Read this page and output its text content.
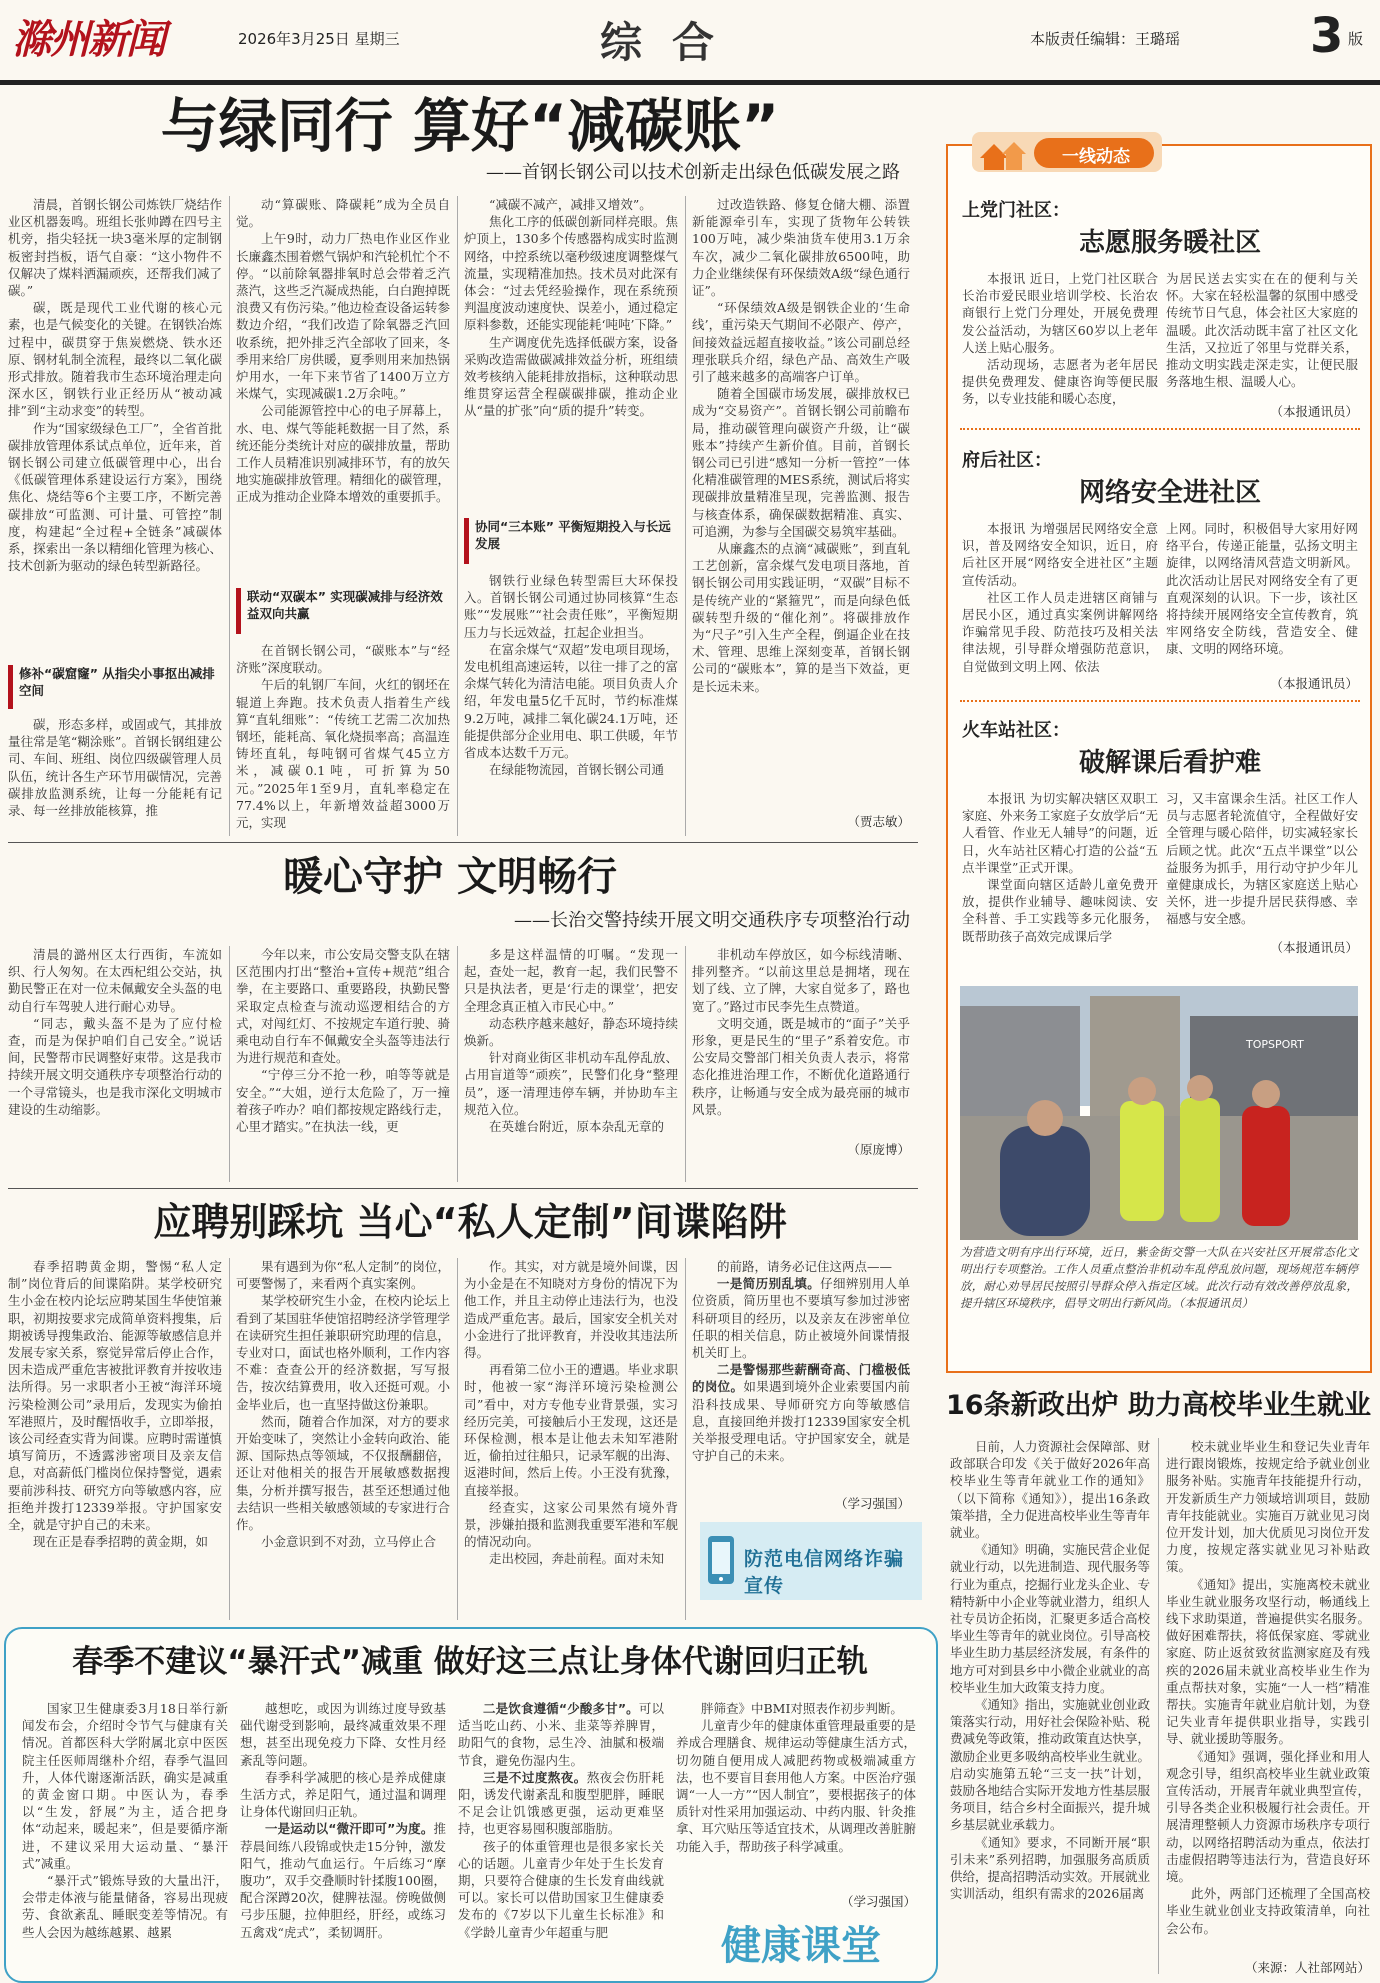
滁州新闻	2026年3月25日 星期三	综合	本版责任编辑：王璐瑶	3 版
与绿同行 算好“减碳账”
——首钢长钢公司以技术创新走出绿色低碳发展之路

清晨，首钢长钢公司炼铁厂烧结作业区机器轰鸣。班组长张帅蹲在四号主机旁，指尖轻抚一块3毫米厚的定制钢板密封挡板，语气自豪：“这小物件不仅解决了煤料洒漏顽疾，还帮我们减了碳。”

碳，既是现代工业代谢的核心元素，也是气候变化的关键。在钢铁冶炼过程中，碳贯穿于焦炭燃烧、铁水还原、钢材轧制全流程，最终以二氧化碳形式排放。随着我市生态环境治理走向深水区，钢铁行业正经历从“被动减排”到“主动求变”的转型。

作为“国家级绿色工厂”，全省首批碳排放管理体系试点单位，近年来，首钢长钢公司建立低碳管理中心，出台《低碳管理体系建设运行方案》，围绕焦化、烧结等6个主要工序，不断完善碳排放“可监测、可计量、可管控”制度，构建起“全过程+全链条”减碳体系，探索出一条以精细化管理为核心、技术创新为驱动的绿色转型新路径。

修补“碳窟窿” 从指尖小事抠出减排空间

碳，形态多样，或固或气，其排放量往常是笔“糊涂账”。首钢长钢组建公司、车间、班组、岗位四级碳管理人员队伍，统计各生产环节用碳情况，完善碳排放监测系统，让每一分能耗有记录、每一丝排放能核算，推

动“算碳账、降碳耗”成为全员自觉。

上午9时，动力厂热电作业区作业长廉鑫杰围着燃气锅炉和汽轮机忙个不停。“以前除氧器排氧时总会带着乏汽蒸汽，这些乏汽凝成热能，白白跑掉既浪费又有伤污染。”他边检查设备运转参数边介绍，“我们改造了除氧器乏汽回收系统，把外排乏汽全部收了回来，冬季用来给厂房供暖，夏季则用来加热锅炉用水，一年下来节省了1400万立方米煤气，实现减碳1.2万余吨。”

公司能源管控中心的电子屏幕上，水、电、煤气等能耗数据一目了然，系统还能分类统计对应的碳排放量，帮助工作人员精准识别减排环节，有的放矢地实施碳排放管理。精细化的碳管理，正成为推动企业降本增效的重要抓手。

联动“双碳本” 实现碳减排与经济效益双向共赢

在首钢长钢公司，“碳账本”与“经济账”深度联动。

午后的轧钢厂车间，火红的钢坯在辊道上奔跑。技术负责人指着生产线算“直轧细账”：“传统工艺需二次加热钢坯，能耗高、氧化烧损率高；高温连铸坯直轧，每吨钢可省煤气45立方米，减碳0.1吨，可折算为50元。”2025年1至9月，直轧率稳定在77.4%以上，年新增效益超3000万元，实现

“减碳不减产，减排又增效”。

焦化工序的低碳创新同样亮眼。焦炉顶上，130多个传感器构成实时监测网络，中控系统以毫秒级速度调整煤气流量，实现精准加热。技术员对此深有体会：“过去凭经验操作，现在系统预判温度波动速度快、误差小，通过稳定原料参数，还能实现能耗‘吨吨’下降。”

生产调度优先选择低碳方案，设备采购改造需做碳减排效益分析，班组绩效考核纳入能耗排放指标，这种联动思维贯穿运营全程碳碳排碳，推动企业从“量的扩张”向“质的提升”转变。

协同“三本账” 平衡短期投入与长远发展

钢铁行业绿色转型需巨大环保投入。首钢长钢公司通过协同核算“生态账”“发展账”“社会责任账”，平衡短期压力与长远效益，扛起企业担当。

在富余煤气“双超”发电项目现场，发电机组高速运转，以往一排了之的富余煤气转化为清洁电能。项目负责人介绍，年发电量5亿千瓦时，节约标准煤9.2万吨，减排二氧化碳24.1万吨，还能提供部分企业用电、职工供暖，年节省成本达数千万元。

在绿能物流园，首钢长钢公司通

过改造铁路、修复仓储大棚、添置新能源牵引车，实现了货物年公转铁100万吨，减少柴油货车使用3.1万余车次，减少二氧化碳排放6500吨，助力企业继续保有环保绩效A级“绿色通行证”。

“环保绩效A级是钢铁企业的‘生命线’，重污染天气期间不必限产、停产，间接效益远超直接收益。”该公司副总经理张联兵介绍，绿色产品、高效生产吸引了越来越多的高端客户订单。

随着全国碳市场发展，碳排放权已成为“交易资产”。首钢长钢公司前瞻布局，推动碳管理向碳资产升级，让“碳账本”持续产生新价值。目前，首钢长钢公司已引进“感知一分析一管控”一体化精准碳管理的MES系统，测试后将实现碳排放量精准呈现，完善监测、报告与核查体系，确保碳数据精准、真实、可追溯，为参与全国碳交易筑牢基础。

从廉鑫杰的点滴“减碳账”，到直轧工艺创新，富余煤气发电项目落地，首钢长钢公司用实践证明，“双碳”目标不是传统产业的“紧箍咒”，而是向绿色低碳转型升级的“催化剂”。将碳排放作为“尺子”引入生产全程，倒逼企业在技术、管理、思维上深刻变革，首钢长钢公司的“碳账本”，算的是当下效益，更是长远未来。

（贾志敏）
暖心守护 文明畅行
——长治交警持续开展文明交通秩序专项整治行动

清晨的潞州区太行西街，车流如织、行人匆匆。在太西杞组公交站，执勤民警正在对一位未佩戴安全头盔的电动自行车驾驶人进行耐心劝导。

“同志，戴头盔不是为了应付检查，而是为保护咱们自己安全。”说话间，民警帮市民调整好束带。这是我市持续开展文明交通秩序专项整治行动的一个寻常镜头，也是我市深化文明城市建设的生动缩影。

今年以来，市公安局交警支队在辖区范围内打出“整治+宣传+规范”组合拳，在主要路口、重要路段，执勤民警采取定点检查与流动巡逻相结合的方式，对闯红灯、不按规定车道行驶、骑乘电动自行车不佩戴安全头盔等违法行为进行规范和查处。

“宁停三分不抢一秒，咱等等就是安全。”“大姐，逆行太危险了，万一撞着孩子咋办？咱们都按规定路线行走，心里才踏实。”在执法一线，更

多是这样温情的叮嘱。“发现一起，查处一起，教育一起，我们民警不只是执法者，更是‘行走的课堂’，把安全理念真正植入市民心中。”

动态秩序越来越好，静态环境持续焕新。

针对商业街区非机动车乱停乱放、占用盲道等“顽疾”，民警们化身“整理员”，逐一清理违停车辆，并协助车主规范入位。

在英雄台附近，原本杂乱无章的

非机动车停放区，如今标线清晰、排列整齐。“以前这里总是拥堵，现在划了线、立了牌，大家自觉多了，路也宽了。”路过市民李先生点赞道。

文明交通，既是城市的“面子”关乎形象，更是民生的“里子”系着安危。市公安局交警部门相关负责人表示，将常态化推进治理工作，不断优化道路通行秩序，让畅通与安全成为最亮丽的城市风景。

（原庞博）
应聘别踩坑 当心“私人定制”间谍陷阱

春季招聘黄金期，警惕“私人定制”岗位背后的间谍陷阱。某学校研究生小金在校内论坛应聘某国生华使馆兼职，初期按要求完成简单资料搜集，后期被诱导搜集政治、能源等敏感信息并发展专家关系，察觉异常后停止合作，因未造成严重危害被批评教育并按收违法所得。另一求职者小王被“海洋环境污染检测公司”录用后，发现实为偷拍军港照片，及时醒悟收手，立即举报，该公司经查实背为间谍。应聘时需谨慎填写简历，不透露涉密项目及亲友信息，对高薪低门槛岗位保持警觉，遇索要前涉科技、研究方向等敏感内容，应拒绝并拨打12339举报。守护国家安全，就是守护自己的未来。

现在正是春季招聘的黄金期，如

果有遇到为你“私人定制”的岗位，可要警惕了，来看两个真实案例。

某学校研究生小金，在校内论坛上看到了某国驻华使馆招聘经济学管理学在读研究生担任兼职研究助理的信息，专业对口，面试也格外顺利，工作内容不难：查查公开的经济数据，写写报告，按次结算费用，收入还挺可观。小金毕业后，也一直坚持做这份兼职。

然而，随着合作加深，对方的要求开始变味了，突然让小金转向政治、能源、国际热点等领域，不仅报酬翻倍，还让对他相关的报告开展敏感数据搜集，分析并撰写报告，甚至还想通过他去结识一些相关敏感领域的专家进行合作。

小金意识到不对劲，立马停止合

作。其实，对方就是境外间谍，因为小金是在不知晓对方身份的情况下为他工作，并且主动停止违法行为，也没造成严重危害。最后，国家安全机关对小金进行了批评教育，并没收其违法所得。

再看第二位小王的遭遇。毕业求职时，他被一家“海洋环境污染检测公司”看中，对方专他专业背景强，实习经历完美，可接触后小王发现，这还是环保检测，根本是让他去未知军港附近，偷拍过往船只，记录军舰的出海、返港时间，然后上传。小王没有犹豫，直接举报。

经查实，这家公司果然有境外背景，涉嫌拍摄和监测我重要军港和军舰的情况动向。

走出校园，奔赴前程。面对未知

的前路，请务必记住这两点——

一是简历别乱填。仔细辨别用人单位资质，简历里也不要填写参加过涉密科研项目的经历，以及亲友在涉密单位任职的相关信息，防止被境外间谍情报机关盯上。

二是警惕那些薪酬奇高、门槛极低的岗位。如果遇到境外企业索要国内前沿科技成果、导师研究方向等敏感信息，直接回绝并拨打12339国家安全机关举报受理电话。守护国家安全，就是守护自己的未来。

（学习强国）
防范电信网络诈骗宣传
春季不建议“暴汗式”减重 做好这三点让身体代谢回归正轨

国家卫生健康委3月18日举行新闻发布会，介绍时令节气与健康有关情况。首都医科大学附属北京中医医院主任医师周继朴介绍，春季气温回升，人体代谢逐渐活跃，确实是减重的黄金窗口期。中医认为，春季以“生发，舒展”为主，适合把身体“动起来，暖起来”，但是要循序渐进，不建议采用大运动量、“暴汗式”减重。

“暴汗式”锻炼导致的大量出汗，会带走体液与能量储备，容易出现疲劳、食欲紊乱、睡眠变差等情况。有些人会因为越练越累、越累

越想吃，或因为训练过度导致基础代谢受到影响，最终减重效果不理想，甚至出现免疫力下降、女性月经紊乱等问题。

春季科学减肥的核心是养成健康生活方式，养足阳气，通过温和调理让身体代谢回归正轨。

一是运动以“微汗即可”为度。推荐晨间练八段锦或快走15分钟，激发阳气，推动气血运行。午后练习“摩腹功”，双手交叠顺时针揉腹100圈，配合深蹲20次，健脾祛湿。傍晚做侧弓步压腿，拉伸胆经，肝经，或练习五禽戏“虎式”，柔韧调肝。

二是饮食遵循“少酸多甘”。可以适当吃山药、小米、韭菜等养脾胃，助阳气的食物，忌生冷、油腻和极端节食，避免伤湿内生。

三是不过度熬夜。熬夜会伤肝耗阳，诱发代谢紊乱和腹型肥胖，睡眠不足会让饥饿感更强，运动更难坚持，也更容易囤积腹部脂肪。

孩子的体重管理也是很多家长关心的话题。儿童青少年处于生长发育期，只要符合健康的生长发育曲线就可以。家长可以借助国家卫生健康委发布的《7岁以下儿童生长标准》和《学龄儿童青少年超重与肥

胖筛查》中BMI对照表作初步判断。

儿童青少年的健康体重管理最重要的是养成合理膳食、规律运动等健康生活方式，切勿随自便用成人减肥药物或极端减重方法，也不要盲目套用他人方案。中医治疗强调“一人一方”“因人制宜”，要根据孩子的体质针对性采用加强运动、中药内服、针灸推拿、耳穴贴压等适宜技术，从调理改善脏腑功能入手，帮助孩子科学减重。

（学习强国）
健康课堂
一线动态
上党门社区：
志愿服务暖社区

本报讯 近日，上党门社区联合长治市爱民眼业培训学校、长治农商银行上党门分理处，开展免费理发公益活动，为辖区60岁以上老年人送上贴心服务。

活动现场，志愿者为老年居民提供免费理发、健康咨询等便民服务，以专业技能和暖心态度，

为居民送去实实在在的便利与关怀。大家在轻松温馨的氛围中感受传统节日气息，体会社区大家庭的温暖。此次活动既丰富了社区文化生活，又拉近了邻里与党群关系，推动文明实践走深走实，让便民服务落地生根、温暖人心。

（本报通讯员）
府后社区：
网络安全进社区

本报讯 为增强居民网络安全意识，普及网络安全知识，近日，府后社区开展“网络安全进社区”主题宣传活动。

社区工作人员走进辖区商铺与居民小区，通过真实案例讲解网络诈骗常见手段、防范技巧及相关法律法规，引导群众增强防范意识，自觉做到文明上网、依法

上网。同时，积极倡导大家用好网络平台，传递正能量，弘扬文明主旋律，以网络清风营造文明新风。此次活动让居民对网络安全有了更直观深刻的认识。下一步，该社区将持续开展网络安全宣传教育，筑牢网络安全防线，营造安全、健康、文明的网络环境。

（本报通讯员）
火车站社区：
破解课后看护难

本报讯 为切实解决辖区双职工家庭、外来务工家庭子女放学后“无人看管、作业无人辅导”的问题，近日，火车站社区精心打造的公益“五点半课堂”正式开课。

课堂面向辖区适龄儿童免费开放，提供作业辅导、趣味阅读、安全科普、手工实践等多元化服务，既帮助孩子高效完成课后学

习，又丰富课余生活。社区工作人员与志愿者轮流值守，全程做好安全管理与暖心陪伴，切实减轻家长后顾之忧。此次“五点半课堂”以公益服务为抓手，用行动守护少年儿童健康成长，为辖区家庭送上贴心关怀，进一步提升居民获得感、幸福感与安全感。

（本报通讯员）
TOPSPORT
为营造文明有序出行环境，近日，紫金街交警一大队在兴安社区开展常态化文明出行专项整治。工作人员重点整治非机动车乱停乱放问题，现场规范车辆停放，耐心劝导居民按照引导群众停入指定区域。此次行动有效改善停放乱象，提升辖区环境秩序，倡导文明出行新风尚。（本报通讯员）
16条新政出炉 助力高校毕业生就业

日前，人力资源社会保障部、财政部联合印发《关于做好2026年高校毕业生等青年就业工作的通知》（以下简称《通知》），提出16条政策举措，全力促进高校毕业生等青年就业。

《通知》明确，实施民营企业促就业行动，以先进制造、现代服务等行业为重点，挖掘行业龙头企业、专精特新中小企业等就业潜力，组织人社专员访企拓岗，汇聚更多适合高校毕业生等青年的就业岗位。引导高校毕业生助力基层经济发展，有条件的地方可对到县乡中小微企业就业的高校毕业生加大政策支持力度。

《通知》指出，实施就业创业政策落实行动，用好社会保险补贴、税费减免等政策，推动政策直达快享，激励企业更多吸纳高校毕业生就业。启动实施第五轮“三支一扶”计划，鼓励各地结合实际开发地方性基层服务项目，结合乡村全面振兴，提升城乡基层就业承载力。

《通知》要求，不同断开展“职引未来”系列招聘，加强服务高质质供给，提高招聘活动实效。开展就业实训活动，组织有需求的2026届离

校未就业毕业生和登记失业青年进行跟岗锻炼，按规定给予就业创业服务补贴。实施青年技能提升行动，开发新质生产力领域培训项目，鼓励青年技能就业。实施百万就业见习岗位开发计划，加大优质见习岗位开发力度，按规定落实就业见习补贴政策。

《通知》提出，实施离校未就业毕业生就业服务攻坚行动，畅通线上线下求助渠道，普遍提供实名服务。做好困难帮扶，将低保家庭、零就业家庭、防止返贫致贫监测家庭及有残疾的2026届未就业高校毕业生作为重点帮扶对象，实施“一人一档”精准帮扶。实施青年就业启航计划，为登记失业青年提供职业指导，实践引导、就业援助等服务。

《通知》强调，强化择业和用人观念引导，组织高校毕业生就业政策宣传活动，开展青年就业典型宣传，引导各类企业积极履行社会责任。开展清理整顿人力资源市场秩序专项行动，以网络招聘活动为重点，依法打击虚假招聘等违法行为，营造良好环境。

此外，两部门还梳理了全国高校毕业生就业创业支持政策清单，向社会公布。

（来源：人社部网站）
